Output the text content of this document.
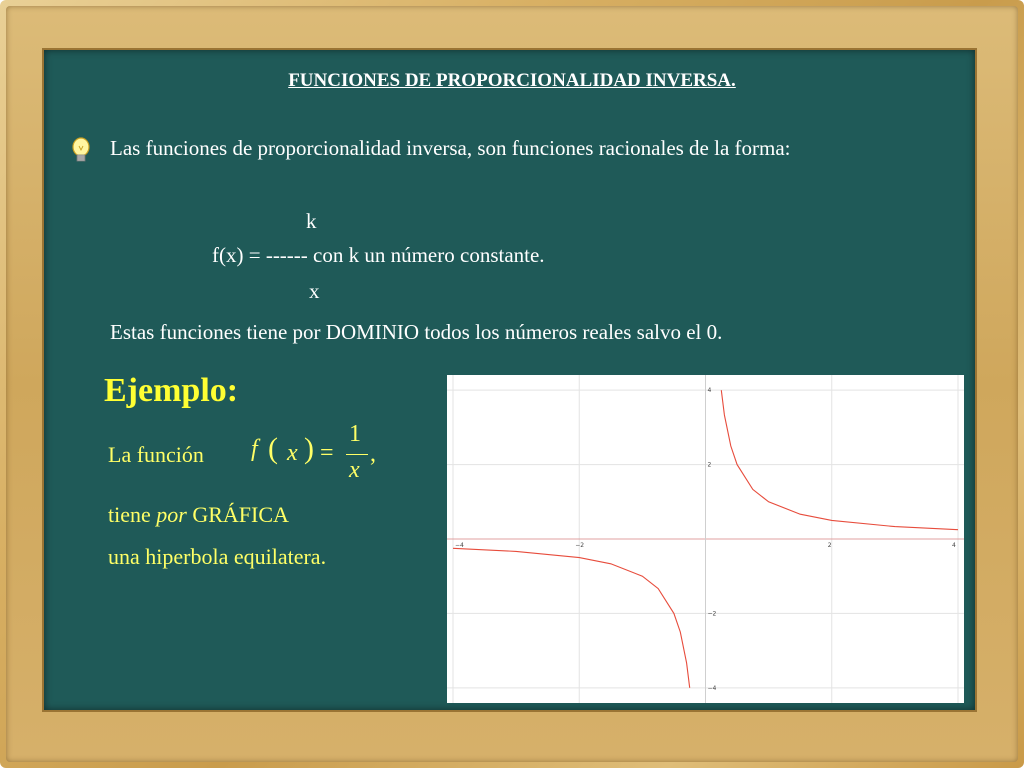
FUNCIONES DE PROPORCIONALIDAD INVERSA.
Las funciones de proporcionalidad inversa, son funciones racionales de la forma:
k
f(x) = ------ con k un número constante.
x
Estas funciones tiene por DOMINIO todos los números reales salvo el 0.
Ejemplo:
La función f ( x ) =
1
x
,
tiene por GRÁFICA
una hiperbola equilatera.	−4	−2	2	4
4
2
−2
−4
